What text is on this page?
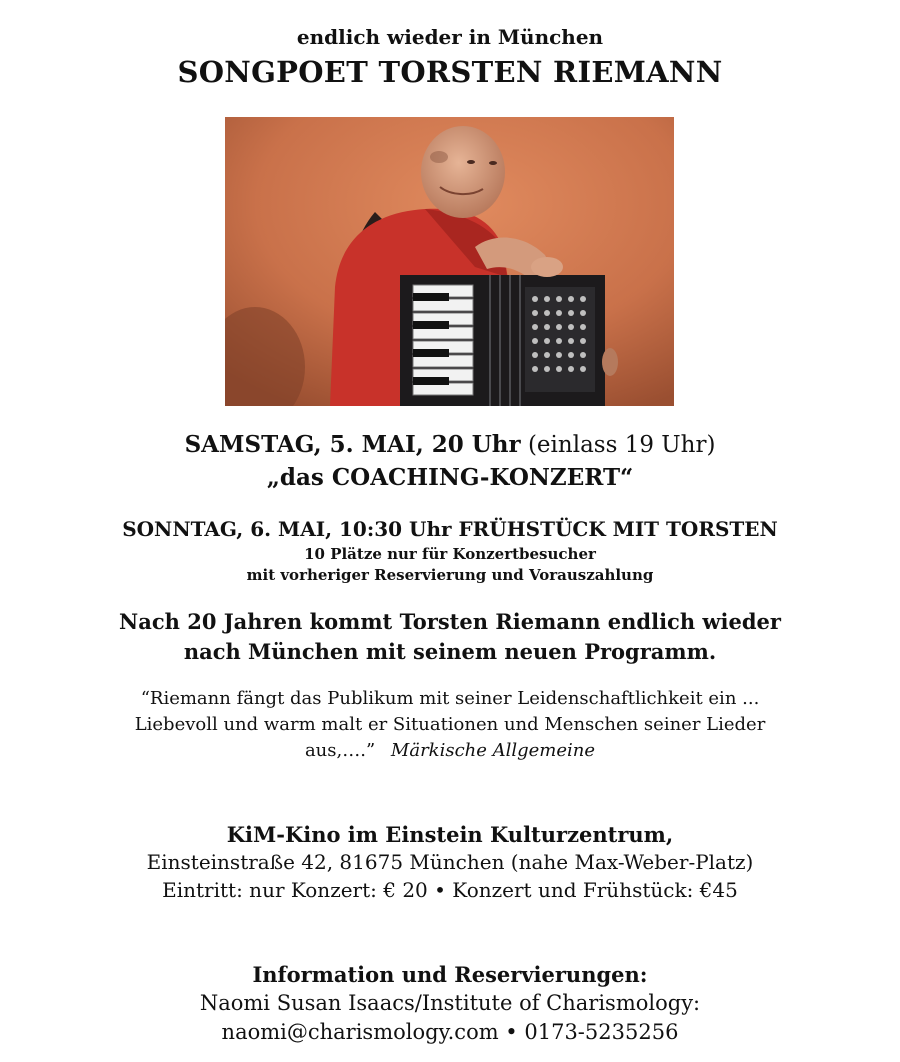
endlich wieder in München
SONGPOET TORSTEN RIEMANN
SAMSTAG, 5. MAI, 20 Uhr (einlass 19 Uhr)
„das COACHING-KONZERT“
SONNTAG, 6. MAI, 10:30 Uhr FRÜHSTÜCK MIT TORSTEN
10 Plätze nur für Konzertbesucher
mit vorheriger Reservierung und Vorauszahlung
Nach 20 Jahren kommt Torsten Riemann endlich wieder
nach München mit seinem neuen Programm.
“Riemann fängt das Publikum mit seiner Leidenschaftlichkeit ein ...
Liebevoll und warm malt er Situationen und Menschen seiner Lieder
aus,….” Märkische Allgemeine
KiM-Kino im Einstein Kulturzentrum,
Einsteinstraße 42, 81675 München (nahe Max-Weber-Platz)
Eintritt: nur Konzert: € 20 • Konzert und Frühstück: €45
Information und Reservierungen:
Naomi Susan Isaacs/Institute of Charismology:
naomi@charismology.com • 0173-5235256
